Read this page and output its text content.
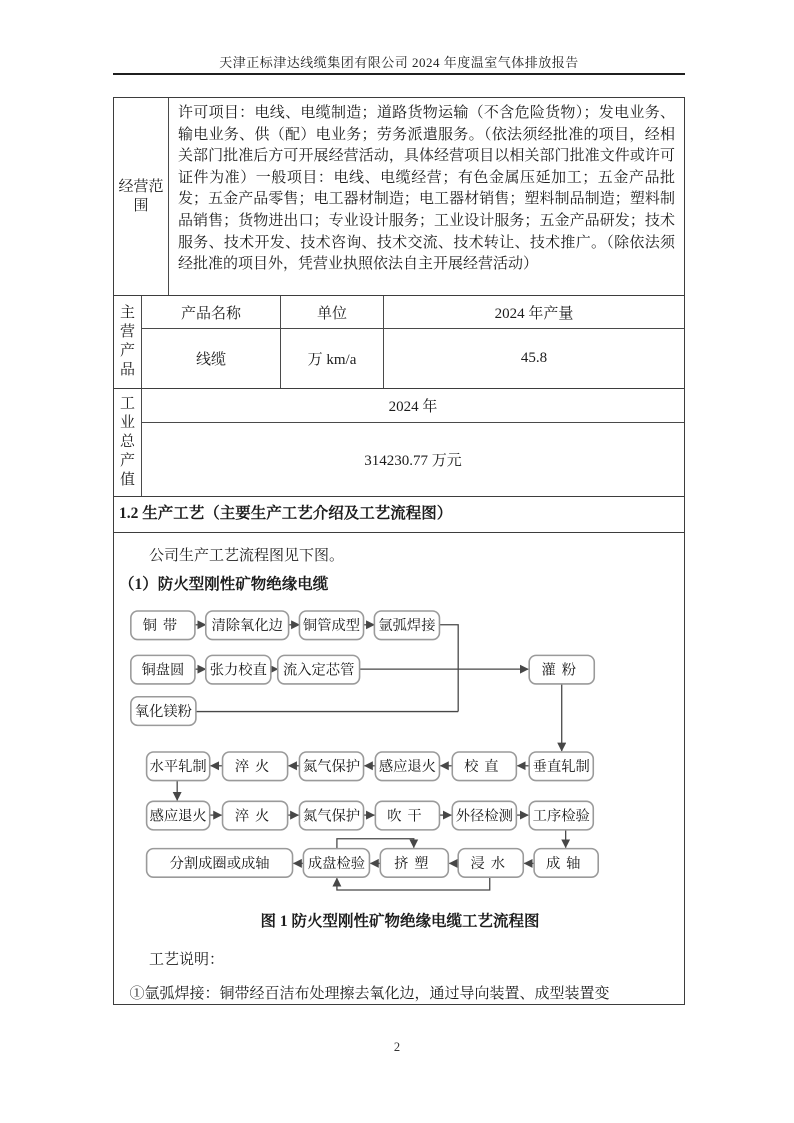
天津正标津达线缆集团有限公司 2024 年度温室气体排放报告
经营范围
许可项目：电线、电缆制造；道路货物运输（不含危险货物）；发电业务、输电业务、供（配）电业务；劳务派遣服务。（依法须经批准的项目，经相关部门批准后方可开展经营活动，具体经营项目以相关部门批准文件或许可证件为准）一般项目：电线、电缆经营；有色金属压延加工；五金产品批发；五金产品零售；电工器材制造；电工器材销售；塑料制品制造；塑料制品销售；货物进出口；专业设计服务；工业设计服务；五金产品研发；技术服务、技术开发、技术咨询、技术交流、技术转让、技术推广。（除依法须经批准的项目外，凭营业执照依法自主开展经营活动）
主营产品
产品名称	单位	2024 年产量
线缆	万 km/a	45.8
工业总产值
2024 年
314230.77 万元
1.2 生产工艺（主要生产工艺介绍及工艺流程图）

公司生产工艺流程图见下图。

（1）防火型刚性矿物绝缘电缆

铜带 清除氧化边 铜管成型 氩弧焊接
铜盘圆 张力校直 流入定芯管	灌粉
氧化镁粉
水平轧制 淬火 氮气保护 感应退火 校直 垂直轧制
感应退火 淬火 氮气保护 吹干 外径检测 工序检验
分割成圈或成轴	成盘检验 挤塑 浸水 成轴

图 1 防火型刚性矿物绝缘电缆工艺流程图

工艺说明：

①氩弧焊接：铜带经百洁布处理擦去氧化边，通过导向装置、成型装置变

2
